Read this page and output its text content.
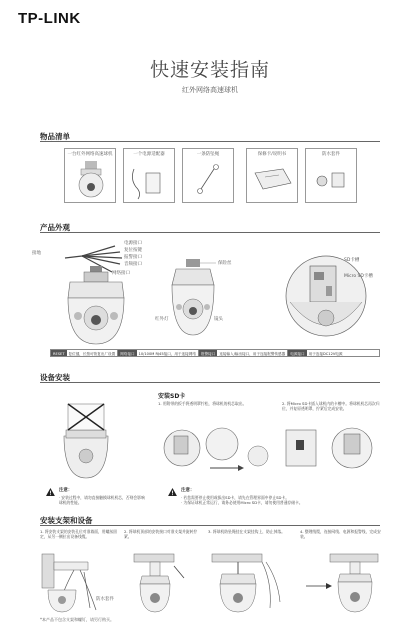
TP-LINK
快速安装指南
红外网络高速球机
物品清单
一台红外网络高速球机	一个电源适配器	一条防坠绳	保修卡/说明书	防水套件
产品外观
接地
电源接口
复位按键
报警接口
音频接口
网络接口
保险丝
红外灯	镜头
SD卡槽
Micro SD卡槽
RESET	复位键，长按可恢复出厂设置	网络接口	10/100M RJ45接口，用于连接网络	报警接口	连接输入/输出接口，用于连接报警传感器	电源接口	用于连接DC12V电源
设备安装
安装SD卡
1. 用附带的扳手将透明罩拧松，将球机的机芯取出。	2. 将Micro SD卡插入球机内的卡槽中。将球机机芯再次归位，并复原透明罩，拧紧后完成安装。
注意：
· 安装过程中，请勿直接触摸球机机芯，否则会影响球机的性能。
注意：
· 若您需要停止使用或拔出SD卡，请先在管理界面中停止SD卡。
· 为保证球机正常运行，请务必使用Micro SD卡，请勿使用普通存储卡。
安装支架和设备
1. 将安装支架的安装孔位对准墙面，用螺丝固定，从另一侧拉出设备线缆。
2. 将球机顶部的安装接口对准支架并旋转拧紧。
3. 将球机防坠绳挂在支架挂钩上，防止掉落。	4. 整理线缆，连接网线、电源和报警线，完成安装。
防水套件
*本产品不包含支架和螺钉，请另行购买。
